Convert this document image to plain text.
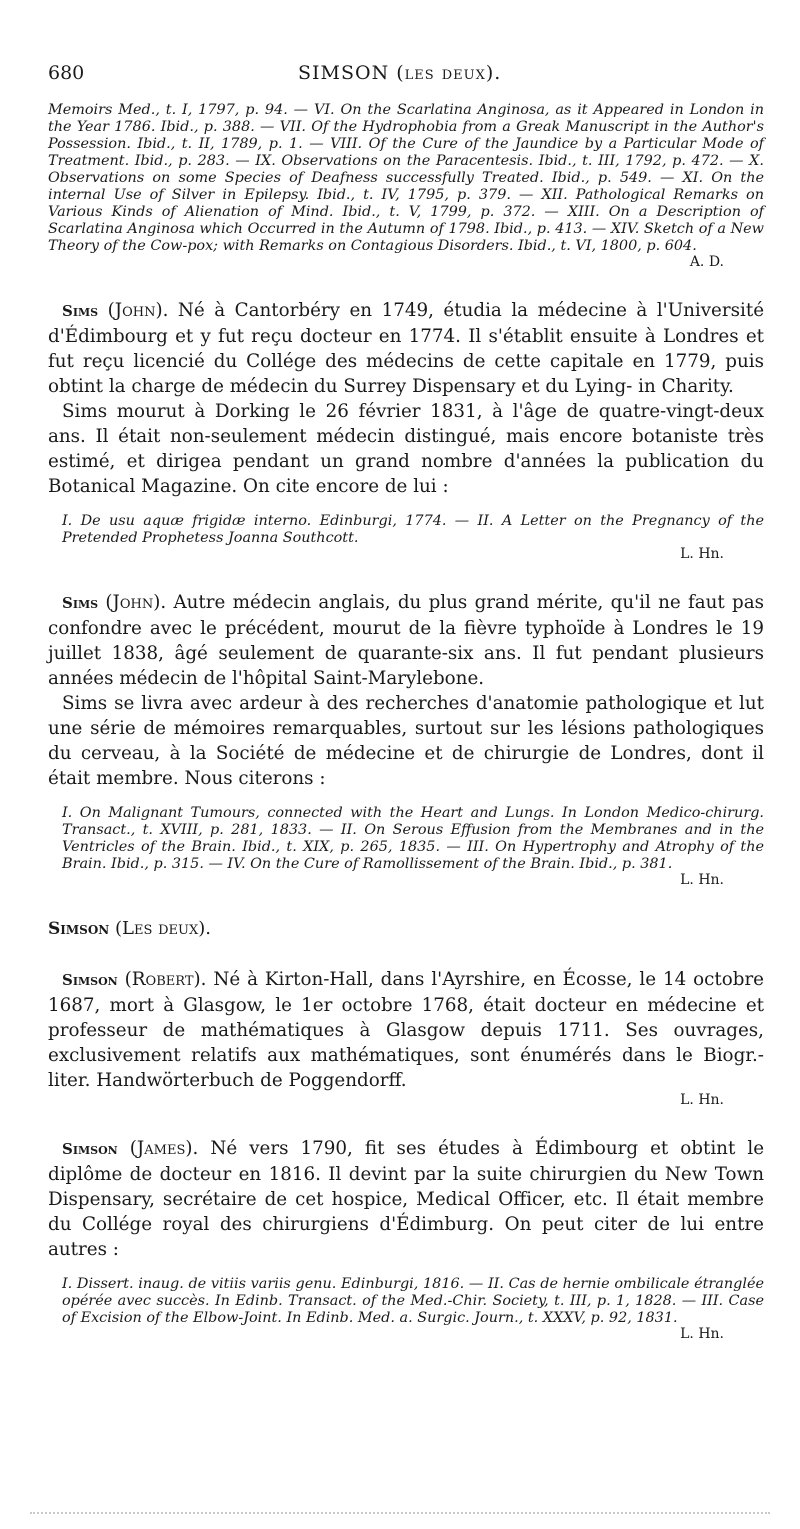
680	SIMSON (les deux).

Memoirs Med., t. I, 1797, p. 94. — VI. On the Scarlatina Anginosa, as it Appeared in London in the Year 1786. Ibid., p. 388. — VII. Of the Hydrophobia from a Greak Manuscript in the Author's Possession. Ibid., t. II, 1789, p. 1. — VIII. Of the Cure of the Jaundice by a Particular Mode of Treatment. Ibid., p. 283. — IX. Observations on the Paracentesis. Ibid., t. III, 1792, p. 472. — X. Observations on some Species of Deafness successfully Treated. Ibid., p. 549. — XI. On the internal Use of Silver in Epilepsy. Ibid., t. IV, 1795, p. 379. — XII. Pathological Remarks on Various Kinds of Alienation of Mind. Ibid., t. V, 1799, p. 372. — XIII. On a Description of Scarlatina Anginosa which Occurred in the Autumn of 1798. Ibid., p. 413. — XIV. Sketch of a New Theory of the Cow-pox; with Remarks on Contagious Disorders. Ibid., t. VI, 1800, p. 604.

A. D.

Sims (John). Né à Cantorbéry en 1749, étudia la médecine à l'Université d'Édimbourg et y fut reçu docteur en 1774. Il s'établit ensuite à Londres et fut reçu licencié du Collége des médecins de cette capitale en 1779, puis obtint la charge de médecin du Surrey Dispensary et du Lying- in Charity.

Sims mourut à Dorking le 26 février 1831, à l'âge de quatre-vingt-deux ans. Il était non-seulement médecin distingué, mais encore botaniste très estimé, et dirigea pendant un grand nombre d'années la publication du Botanical Magazine. On cite encore de lui :

I. De usu aquæ frigidæ interno. Edinburgi, 1774. — II. A Letter on the Pregnancy of the Pretended Prophetess Joanna Southcott.

L. Hn.

Sims (John). Autre médecin anglais, du plus grand mérite, qu'il ne faut pas confondre avec le précédent, mourut de la fièvre typhoïde à Londres le 19 juillet 1838, âgé seulement de quarante-six ans. Il fut pendant plusieurs années médecin de l'hôpital Saint-Marylebone.

Sims se livra avec ardeur à des recherches d'anatomie pathologique et lut une série de mémoires remarquables, surtout sur les lésions pathologiques du cerveau, à la Société de médecine et de chirurgie de Londres, dont il était membre. Nous citerons :

I. On Malignant Tumours, connected with the Heart and Lungs. In London Medico-chirurg. Transact., t. XVIII, p. 281, 1833. — II. On Serous Effusion from the Membranes and in the Ventricles of the Brain. Ibid., t. XIX, p. 265, 1835. — III. On Hypertrophy and Atrophy of the Brain. Ibid., p. 315. — IV. On the Cure of Ramollissement of the Brain. Ibid., p. 381.

L. Hn.
Simson (Les deux).

Simson (Robert). Né à Kirton-Hall, dans l'Ayrshire, en Écosse, le 14 octobre 1687, mort à Glasgow, le 1er octobre 1768, était docteur en médecine et professeur de mathématiques à Glasgow depuis 1711. Ses ouvrages, exclusivement relatifs aux mathématiques, sont énumérés dans le Biogr.-liter. Handwörterbuch de Poggendorff.

L. Hn.

Simson (James). Né vers 1790, fit ses études à Édimbourg et obtint le diplôme de docteur en 1816. Il devint par la suite chirurgien du New Town Dispensary, secrétaire de cet hospice, Medical Officer, etc. Il était membre du Collége royal des chirurgiens d'Édimburg. On peut citer de lui entre autres :

I. Dissert. inaug. de vitiis variis genu. Edinburgi, 1816. — II. Cas de hernie ombilicale étranglée opérée avec succès. In Edinb. Transact. of the Med.-Chir. Society, t. III, p. 1, 1828. — III. Case of Excision of the Elbow-Joint. In Edinb. Med. a. Surgic. Journ., t. XXXV, p. 92, 1831.

L. Hn.
